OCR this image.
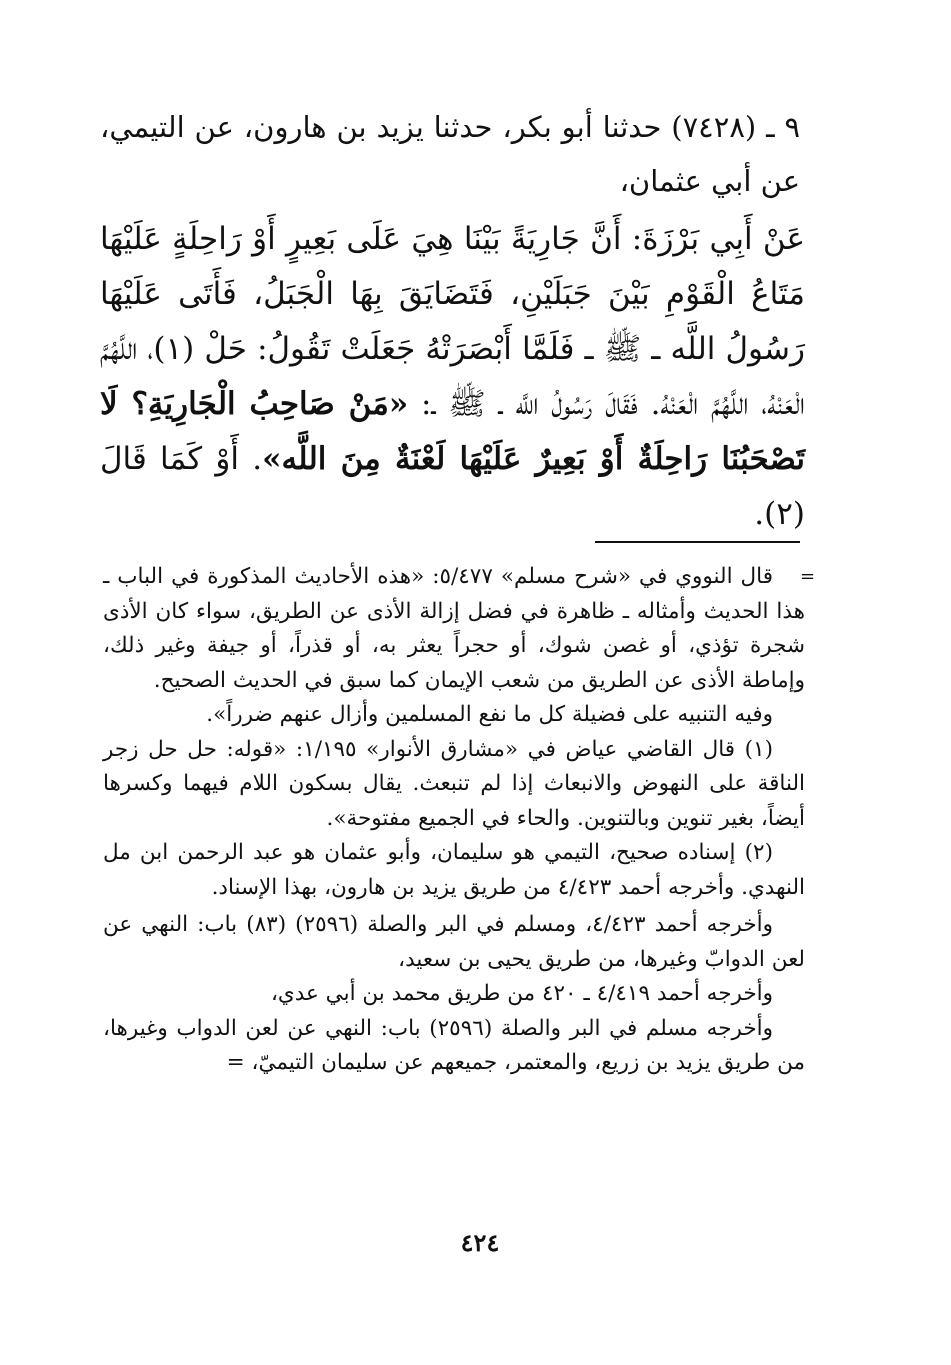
٩ ـ (٧٤٢٨) حدثنا أبو بكر، حدثنا يزيد بن هارون، عن التيمي، عن أبي عثمان،
عَنْ أَبِي بَرْزَةَ: أَنَّ جَارِيَةً بَيْنَا هِيَ عَلَى بَعِيرٍ أَوْ رَاحِلَةٍ عَلَيْهَا مَتَاعُ الْقَوْمِ بَيْنَ جَبَلَيْنِ، فَتَضَايَقَ بِهَا الْجَبَلُ، فَأَتَى عَلَيْهَا رَسُولُ اللَّه ـ ﷺ ـ فَلَمَّا أَبْصَرَتْهُ جَعَلَتْ تَقُولُ: حَلْ (١)، اللَّهُمَّ الْعَنْهُ، اللَّهُمَّ الْعَنْهُ. فَقَالَ رَسُولُ اللَّه ـ ﷺ ـ: «مَنْ صَاحِبُ الْجَارِيَةِ؟ لَا تَصْحَبُنَا رَاحِلَةٌ أَوْ بَعِيرٌ عَلَيْهَا لَعْنَةٌ مِنَ اللَّه». أَوْ كَمَا قَالَ (٢).
=

قال النووي في «شرح مسلم» ٥/٤٧٧: «هذه الأحاديث المذكورة في الباب ـ هذا الحديث وأمثاله ـ ظاهرة في فضل إزالة الأذى عن الطريق، سواء كان الأذى شجرة تؤذي، أو غصن شوك، أو حجراً يعثر به، أو قذراً، أو جيفة وغير ذلك، وإماطة الأذى عن الطريق من شعب الإيمان كما سبق في الحديث الصحيح.

وفيه التنبيه على فضيلة كل ما نفع المسلمين وأزال عنهم ضرراً».

(١) قال القاضي عياض في «مشارق الأنوار» ١/١٩٥: «قوله: حل حل زجر الناقة على النهوض والانبعاث إذا لم تنبعث. يقال بسكون اللام فيهما وكسرها أيضاً، بغير تنوين وبالتنوين. والحاء في الجميع مفتوحة».

(٢) إسناده صحيح، التيمي هو سليمان، وأبو عثمان هو عبد الرحمن ابن مل النهدي. وأخرجه أحمد ٤/٤٢٣ من طريق يزيد بن هارون، بهذا الإسناد.

وأخرجه أحمد ٤/٤٢٣، ومسلم في البر والصلة (٢٥٩٦) (٨٣) باب: النهي عن لعن الدوابّ وغيرها، من طريق يحيى بن سعيد،

وأخرجه أحمد ٤/٤١٩ ـ ٤٢٠ من طريق محمد بن أبي عدي،

وأخرجه مسلم في البر والصلة (٢٥٩٦) باب: النهي عن لعن الدواب وغيرها، من طريق يزيد بن زريع، والمعتمر، جميعهم عن سليمان التيميّ، =

٤٢٤
